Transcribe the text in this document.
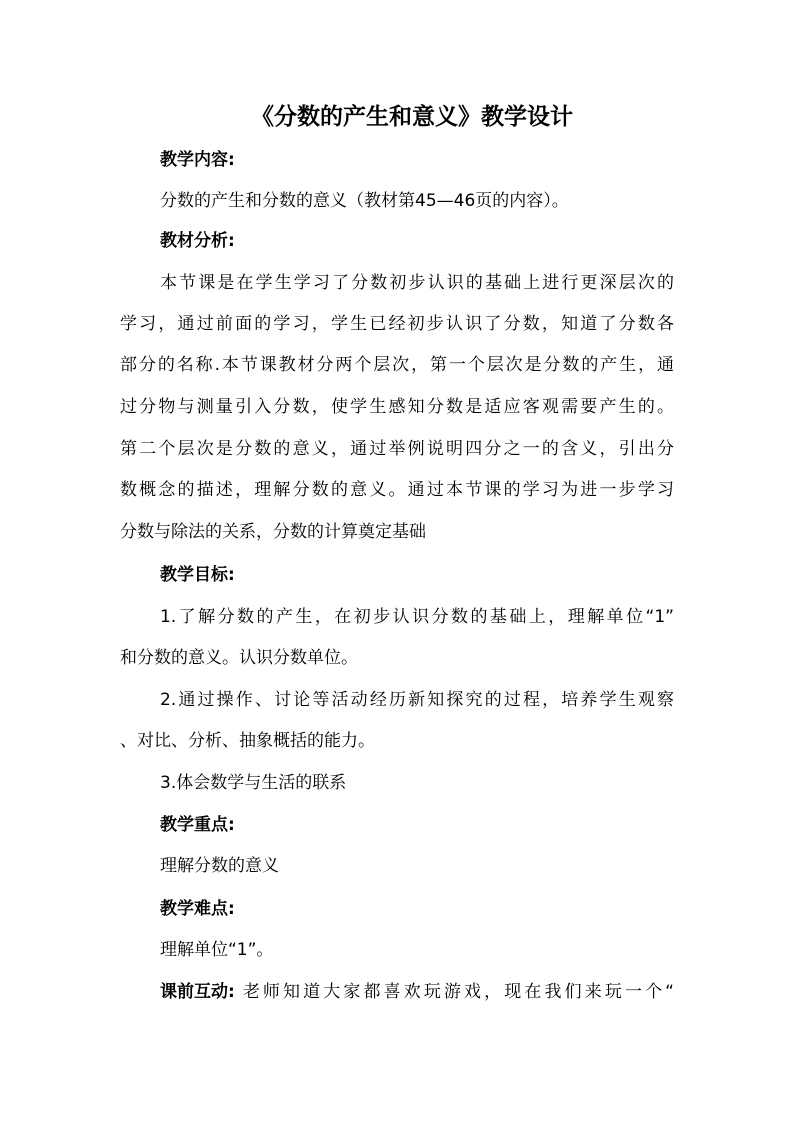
《分数的产生和意义》教学设计
教学内容:
分数的产生和分数的意义（教材第45—46页的内容）。
教材分析:
本节课是在学生学习了分数初步认识的基础上进行更深层次的
学习，通过前面的学习，学生已经初步认识了分数，知道了分数各
部分的名称.本节课教材分两个层次，第一个层次是分数的产生，通
过分物与测量引入分数，使学生感知分数是适应客观需要产生的。
第二个层次是分数的意义，通过举例说明四分之一的含义，引出分
数概念的描述，理解分数的意义。通过本节课的学习为进一步学习
分数与除法的关系，分数的计算奠定基础
教学目标:
1.了解分数的产生，在初步认识分数的基础上，理解单位“1”
和分数的意义。认识分数单位。
2.通过操作、讨论等活动经历新知探究的过程，培养学生观察
、对比、分析、抽象概括的能力。
3.体会数学与生活的联系
教学重点:
理解分数的意义
教学难点:
理解单位“1”。
课前互动: 老师知道大家都喜欢玩游戏，现在我们来玩一个“
